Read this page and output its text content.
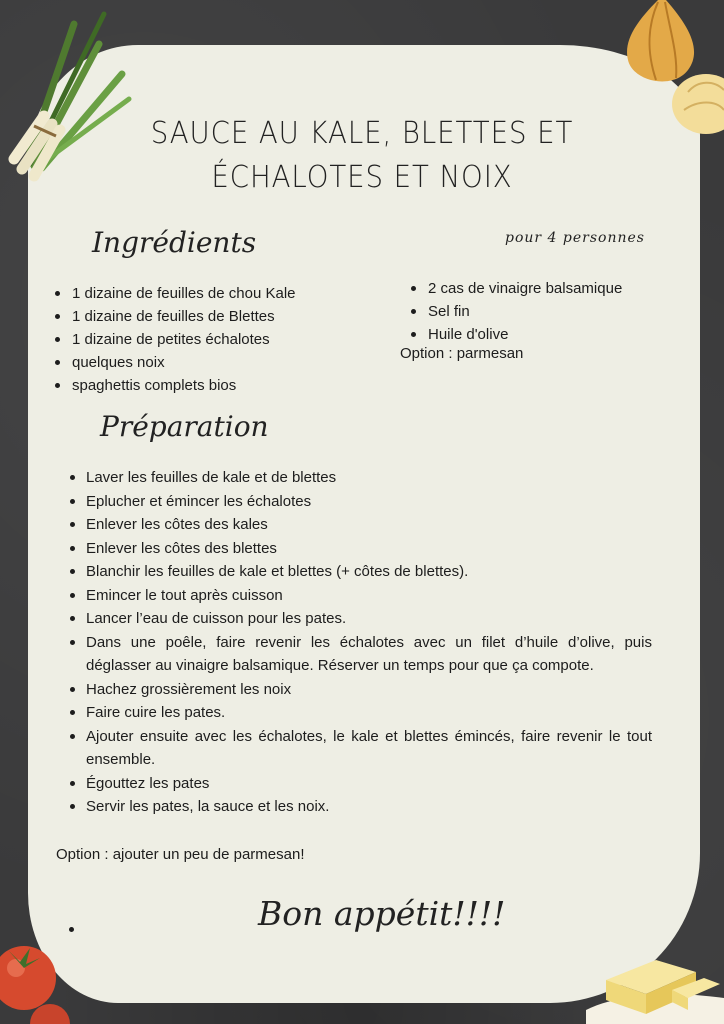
SAUCE AU KALE, BLETTES ET
ÉCHALOTES ET NOIX
Ingrédients	pour 4 personnes
1 dizaine de feuilles de chou Kale
1 dizaine de feuilles de Blettes
1 dizaine de petites échalotes
quelques noix
spaghettis complets bios
2 cas de vinaigre balsamique
Sel fin
Huile d'olive
Option : parmesan
Préparation
Laver les feuilles de kale et de blettes
Eplucher et émincer les échalotes
Enlever les côtes des kales
Enlever les côtes des blettes
Blanchir les feuilles de kale et blettes (+ côtes de blettes).
Emincer le tout après cuisson
Lancer l’eau de cuisson pour les pates.
Dans une poêle, faire revenir les échalotes avec un filet d’huile d’olive, puis déglasser au vinaigre balsamique. Réserver un temps pour que ça compote.
Hachez grossièrement les noix
Faire cuire les pates.
Ajouter ensuite avec les échalotes, le kale et blettes émincés, faire revenir le tout ensemble.
Égouttez les pates
Servir les pates, la sauce et les noix.
Option : ajouter un peu de parmesan!
Bon appétit!!!!
